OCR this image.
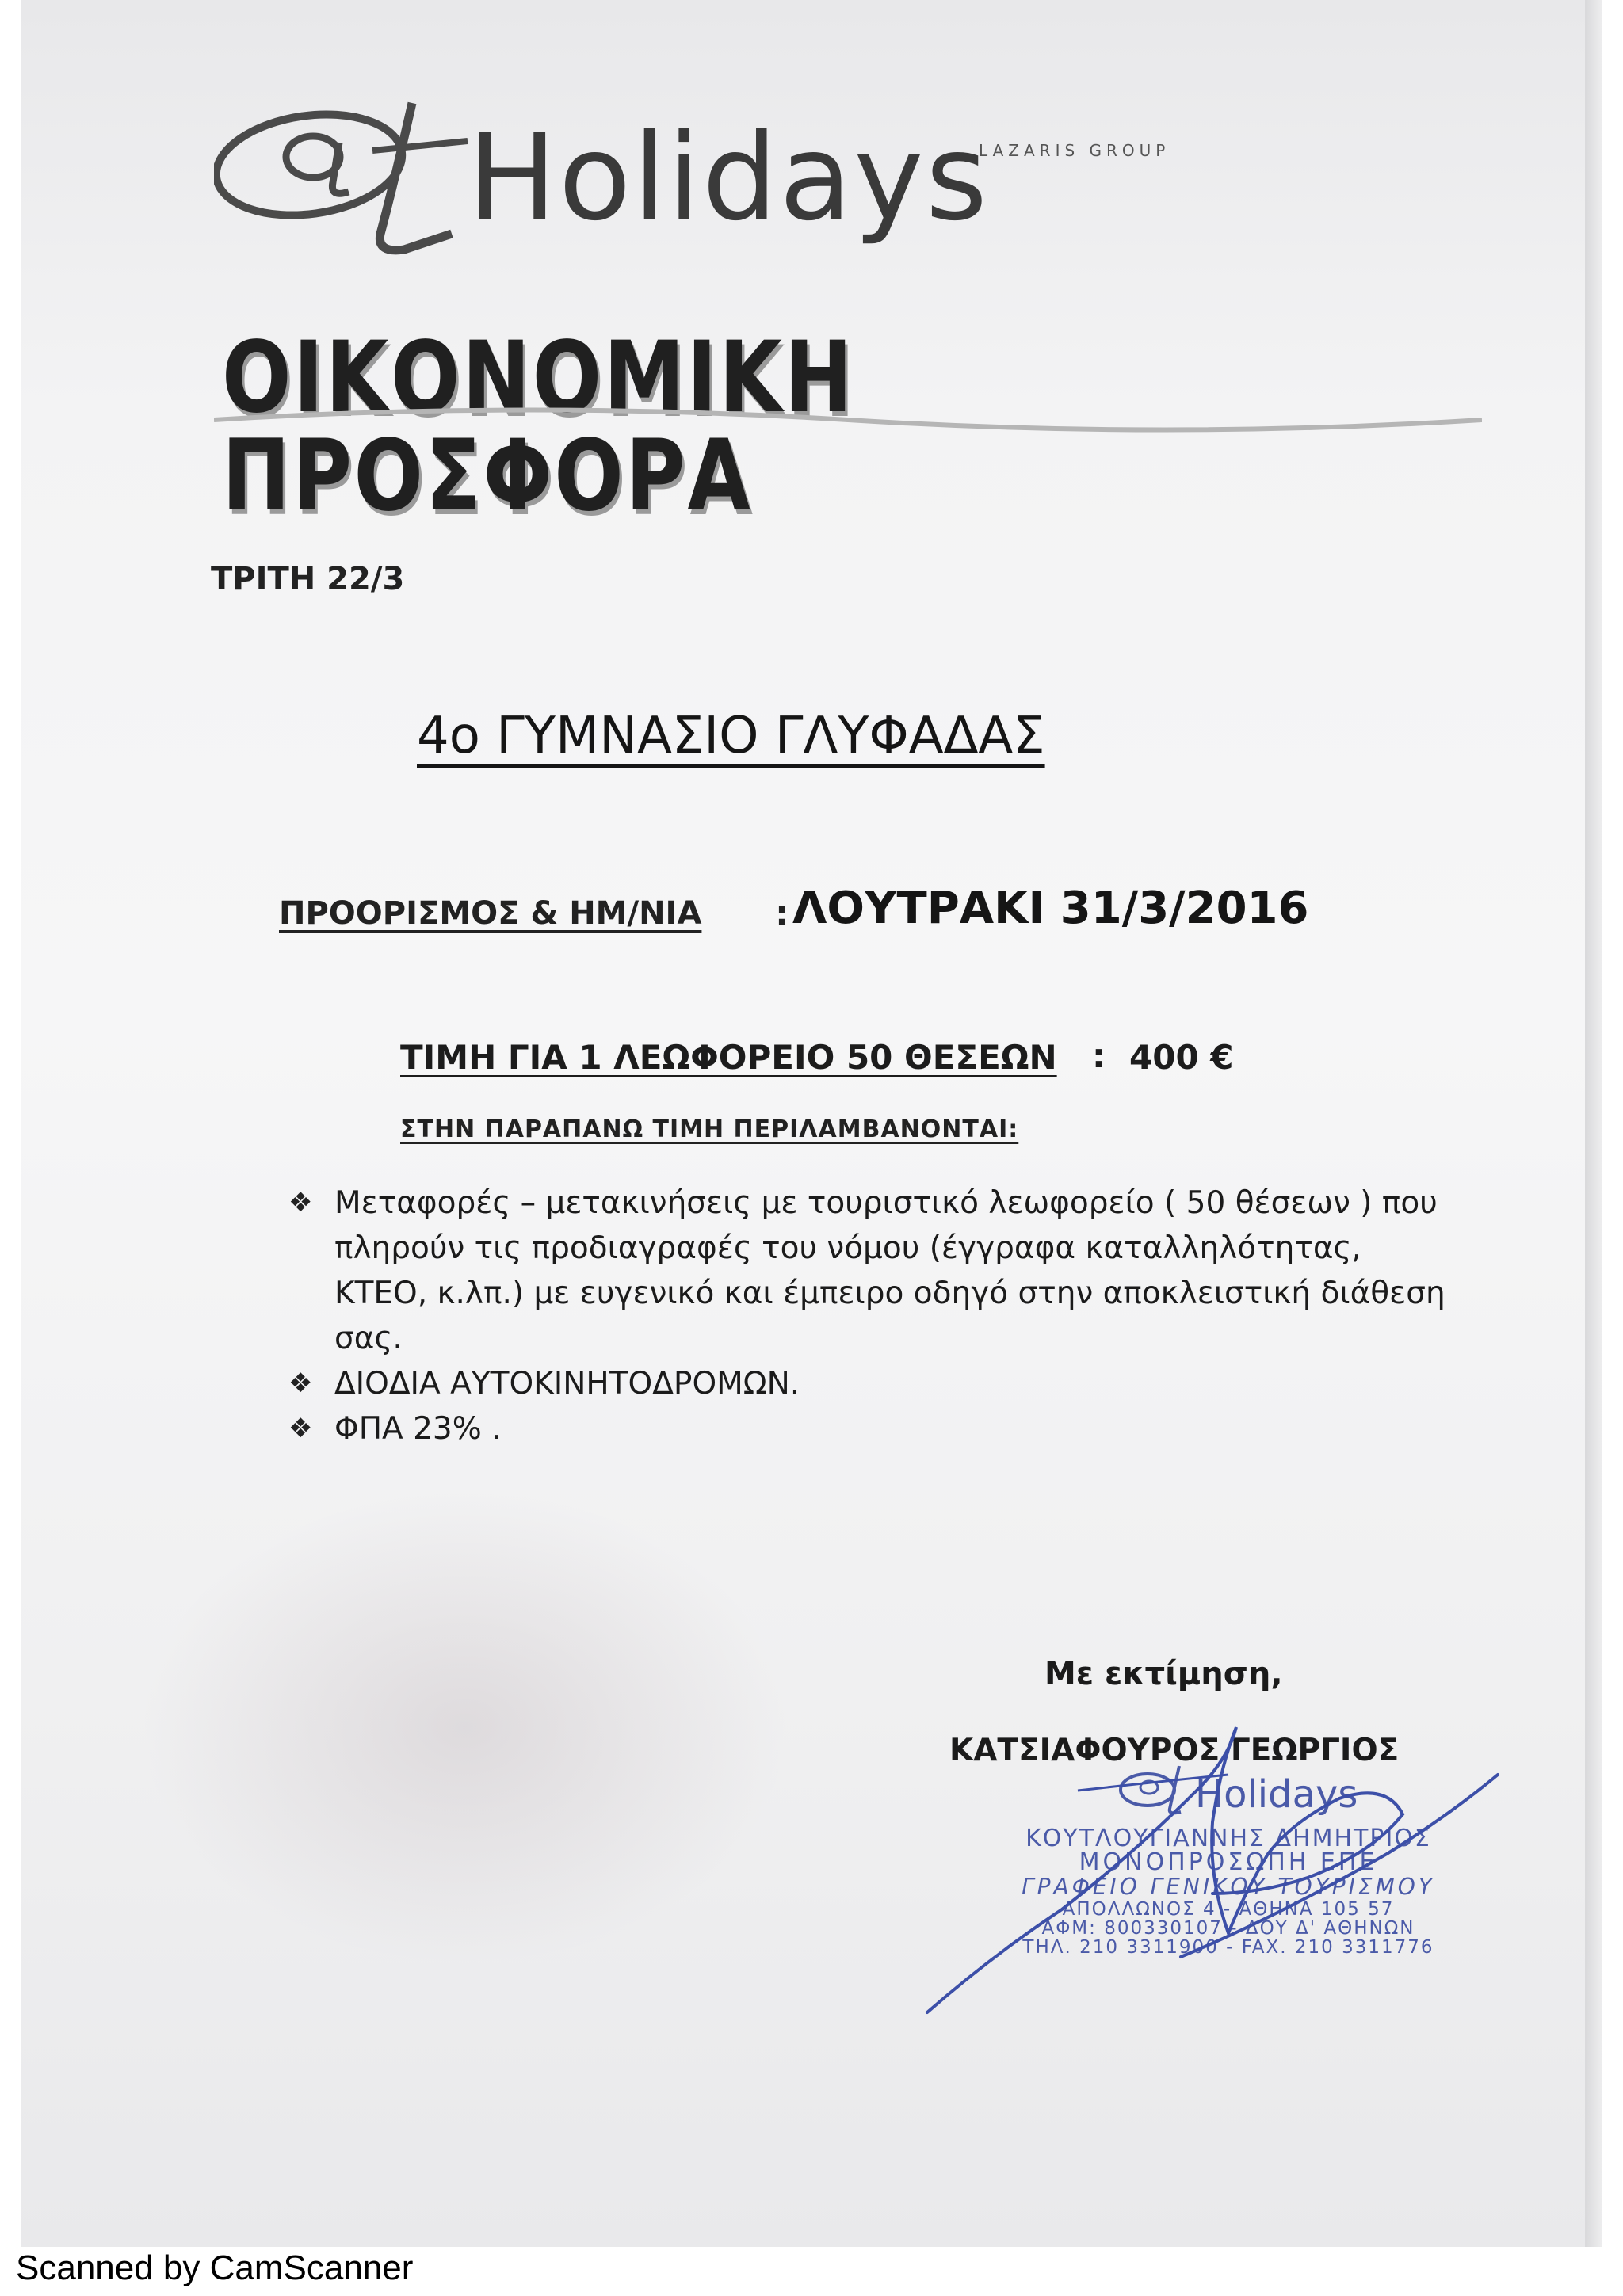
Holidays
LAZARIS GROUP
ΟΙΚΟΝΟΜΙΚΗ ΠΡΟΣΦΟΡΑ
ΤΡΙΤΗ 22/3
4ο ΓΥΜΝΑΣΙΟ ΓΛΥΦΑΔΑΣ
ΠΡΟΟΡΙΣΜΟΣ & ΗΜ/ΝΙΑ : ΛΟΥΤΡΑΚΙ 31/3/2016
ΤΙΜΗ ΓΙΑ 1 ΛΕΩΦΟΡΕΙΟ 50 ΘΕΣΕΩΝ : 400 €
ΣΤΗΝ ΠΑΡΑΠΑΝΩ ΤΙΜΗ ΠΕΡΙΛΑΜΒΑΝΟΝΤΑΙ:

❖ Μεταφορές – μετακινήσεις με τουριστικό λεωφορείο ( 50 θέσεων ) που πληρούν τις προδιαγραφές του νόμου (έγγραφα καταλληλότητας, ΚΤΕΟ, κ.λπ.) με ευγενικό και έμπειρο οδηγό στην αποκλειστική διάθεση σας.

❖ ΔΙΟΔΙΑ ΑΥΤΟΚΙΝΗΤΟΔΡΟΜΩΝ.

❖ ΦΠΑ 23% .

Με εκτίμηση,
ΚΑΤΣΙΑΦΟΥΡΟΣ ΓΕΩΡΓΙΟΣ
Holidays
ΚΟΥΤΛΟΥΓΙΑΝΝΗΣ ΔΗΜΗΤΡΙΟΣ
ΜΟΝΟΠΡΟΣΩΠΗ ΕΠΕ
ΓΡΑΦΕΙΟ ΓΕΝΙΚΟΥ ΤΟΥΡΙΣΜΟΥ
ΑΠΟΛΛΩΝΟΣ 4 - ΑΘΗΝΑ 105 57
ΑΦΜ: 800330107 - ΔΟΥ Δ' ΑΘΗΝΩΝ
ΤΗΛ. 210 3311900 - FAX. 210 3311776
Scanned by CamScanner
